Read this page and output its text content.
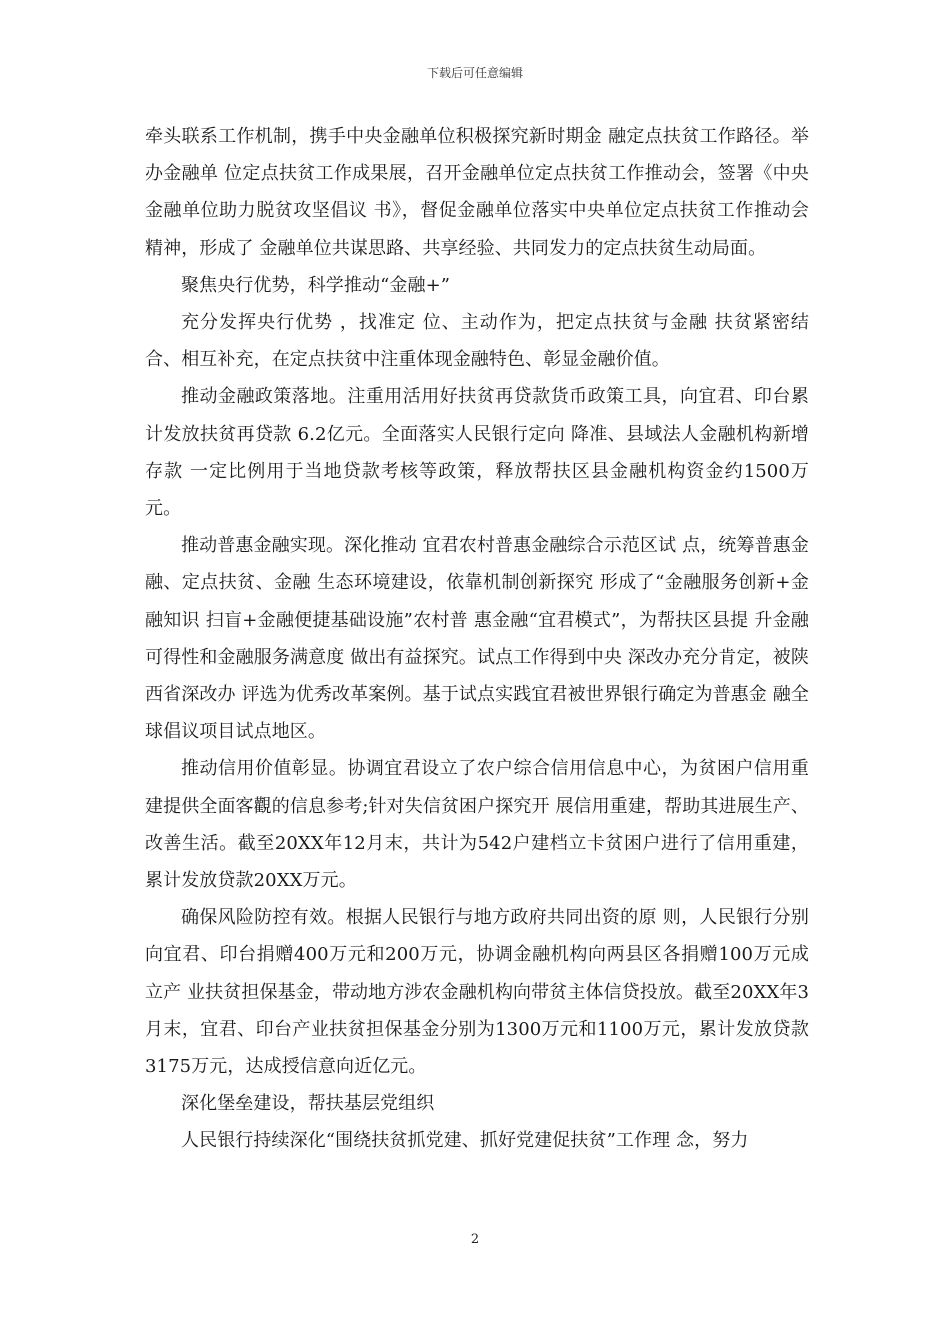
下载后可任意编辑

牵头联系工作机制，携手中央金融单位积极探究新时期金 融定点扶贫工作路径。举办金融单 位定点扶贫工作成果展，召开金融单位定点扶贫工作推动会，签署《中央金融单位助力脱贫攻坚倡议 书》，督促金融单位落实中央单位定点扶贫工作推动会精神，形成了 金融单位共谋思路、共享经验、共同发力的定点扶贫生动局面。

聚焦央行优势，科学推动“金融+”

充分发挥央行优势 ，找准定 位、主动作为，把定点扶贫与金融 扶贫紧密结合、相互补充，在定点扶贫中注重体现金融特色、彰显金融价值。

推动金融政策落地。注重用活用好扶贫再贷款货币政策工具，向宜君、印台累计发放扶贫再贷款 6.2亿元。全面落实人民银行定向 降准、县域法人金融机构新增存款 一定比例用于当地贷款考核等政策，释放帮扶区县金融机构资金约1500万元。

推动普惠金融实现。深化推动 宜君农村普惠金融综合示范区试 点，统筹普惠金融、定点扶贫、金融 生态环境建设，依靠机制创新探究 形成了“金融服务创新+金融知识 扫盲+金融便捷基础设施”农村普 惠金融“宜君模式”，为帮扶区县提 升金融可得性和金融服务满意度 做出有益探究。试点工作得到中央 深改办充分肯定，被陕西省深改办 评选为优秀改革案例。基于试点实践宜君被世界银行确定为普惠金 融全球倡议项目试点地区。

推动信用价值彰显。协调宜君设立了农户综合信用信息中心，为贫困户信用重建提供全面客觀的信息参考;针对失信贫困户探究开 展信用重建，帮助其进展生产、改善生活。截至20XX年12月末，共计为542户建档立卡贫困户进行了信用重建，累计发放贷款20XX万元。

确保风险防控有效。根据人民银行与地方政府共同出资的原 则，人民银行分别向宜君、印台捐赠400万元和200万元，协调金融机构向两县区各捐赠100万元成立产 业扶贫担保基金，带动地方涉农金融机构向带贫主体信贷投放。截至20XX年3月末，宜君、印台产业扶贫担保基金分别为1300万元和1100万元，累计发放贷款3175万元，达成授信意向近亿元。

深化堡垒建设，帮扶基层党组织

人民银行持续深化“围绕扶贫抓党建、抓好党建促扶贫”工作理 念，努力

2
